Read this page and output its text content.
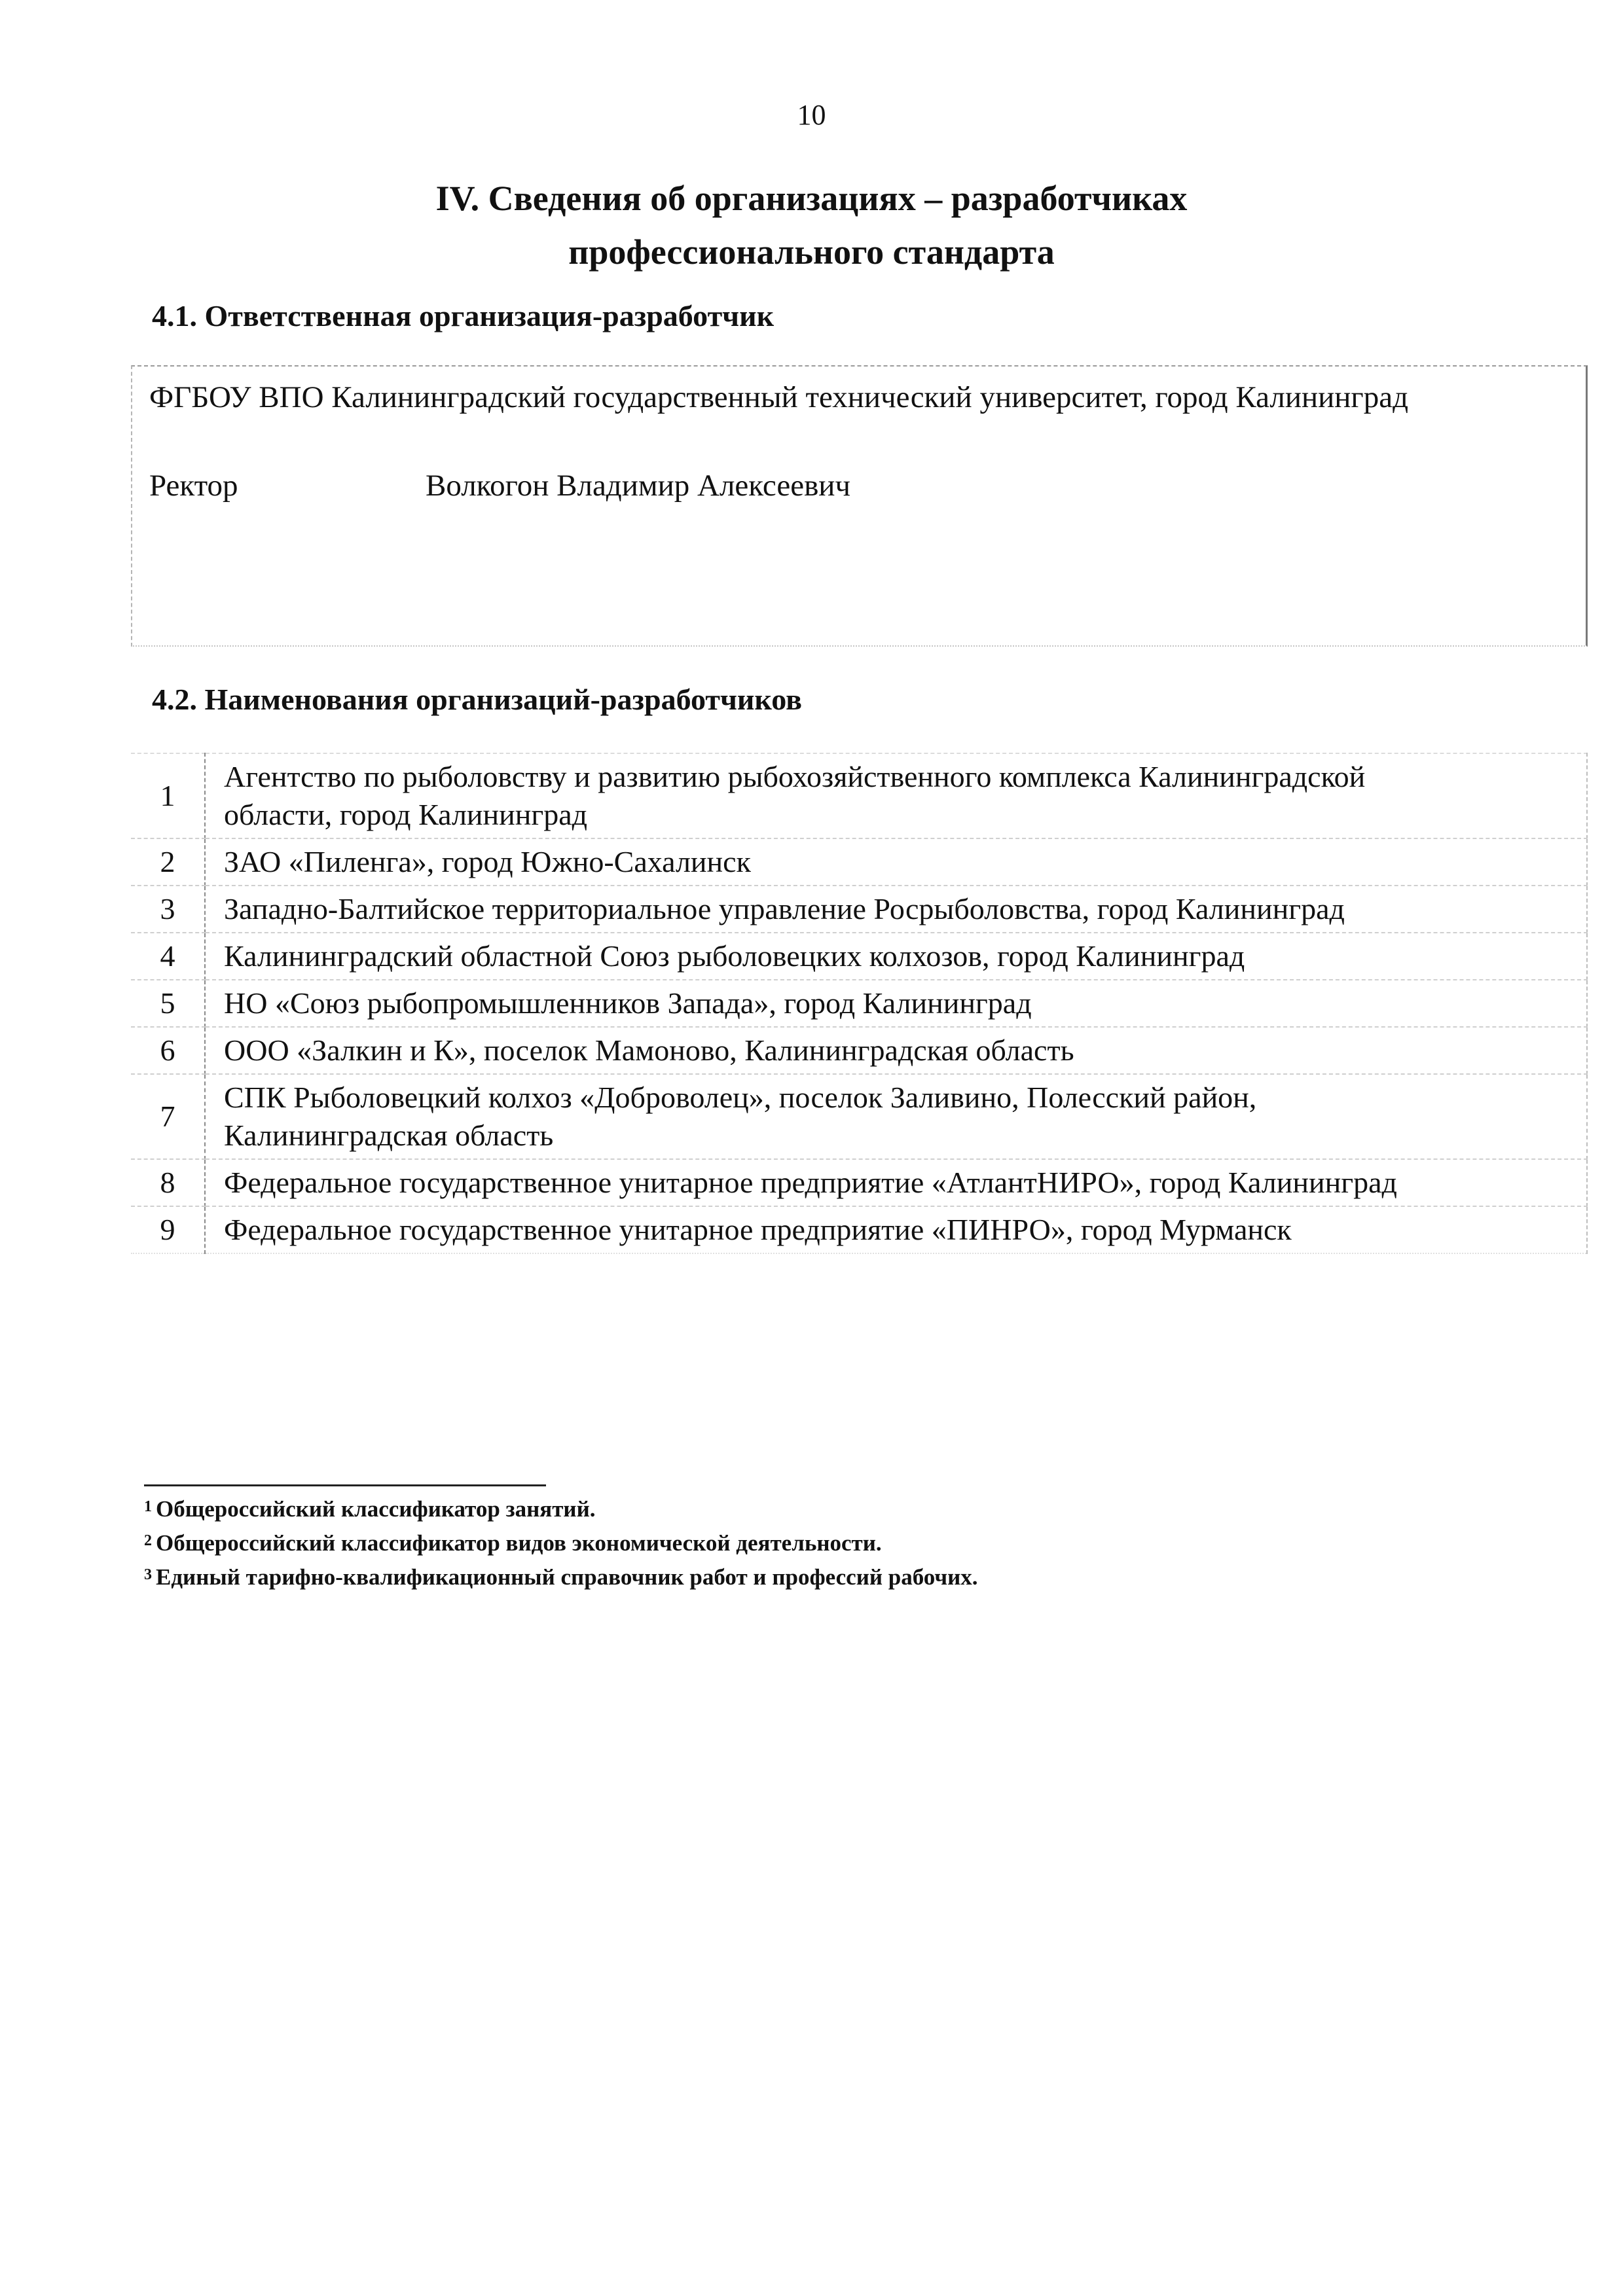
10
IV. Сведения об организациях – разработчиках
профессионального стандарта
4.1. Ответственная организация-разработчик
ФГБОУ ВПО Калининградский государственный технический университет, город Калининград
Ректор	Волкогон Владимир Алексеевич
4.2. Наименования организаций-разработчиков
1	Агентство по рыболовству и развитию рыбохозяйственного комплекса Калининградской
области, город Калининград

2	ЗАО «Пиленга», город Южно-Сахалинск

3	Западно-Балтийское территориальное управление Росрыболовства, город Калининград

4	Калининградский областной Союз рыболовецких колхозов, город Калининград

5	НО «Союз рыбопромышленников Запада», город Калининград

6	ООО «Залкин и К», поселок Мамоново, Калининградская область

7	СПК Рыболовецкий колхоз «Доброволец», поселок Заливино, Полесский район,
Калининградская область

8	Федеральное государственное унитарное предприятие «АтлантНИРО», город Калининград

9	Федеральное государственное унитарное предприятие «ПИНРО», город Мурманск
$^1$ Общероссийский классификатор занятий.
$^2$ Общероссийский классификатор видов экономической деятельности.
$^3$ Единый тарифно-квалификационный справочник работ и профессий рабочих.
